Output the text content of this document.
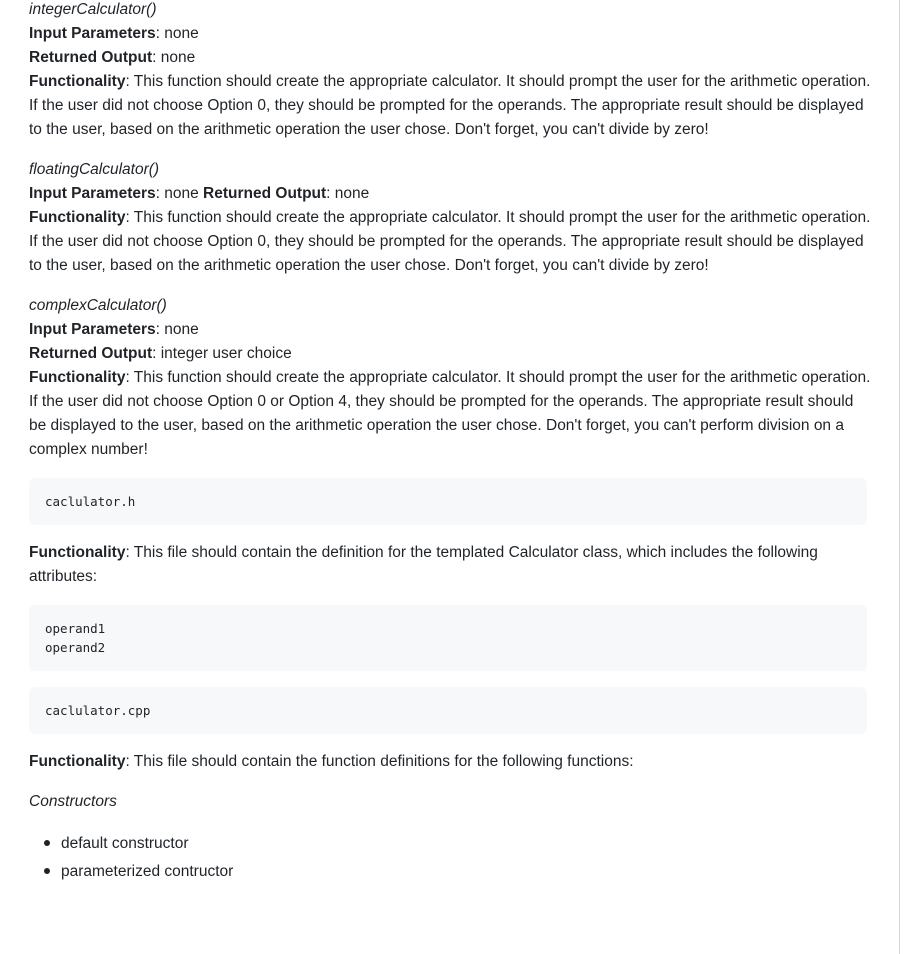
integerCalculator()
Input Parameters: none
Returned Output: none

Functionality: This function should create the appropriate calculator. It should prompt the user for the arithmetic operation. If the user did not choose Option 0, they should be prompted for the operands. The appropriate result should be displayed to the user, based on the arithmetic operation the user chose. Don't forget, you can't divide by zero!

floatingCalculator()
Input Parameters: none Returned Output: none

Functionality: This function should create the appropriate calculator. It should prompt the user for the arithmetic operation. If the user did not choose Option 0, they should be prompted for the operands. The appropriate result should be displayed to the user, based on the arithmetic operation the user chose. Don't forget, you can't divide by zero!

complexCalculator()
Input Parameters: none
Returned Output: integer user choice

Functionality: This function should create the appropriate calculator. It should prompt the user for the arithmetic operation. If the user did not choose Option 0 or Option 4, they should be prompted for the operands. The appropriate result should be displayed to the user, based on the arithmetic operation the user chose. Don't forget, you can't perform division on a complex number!

caclulator.h

Functionality: This file should contain the definition for the templated Calculator class, which includes the following attributes:

operand1
operand2
caclulator.cpp

Functionality: This file should contain the function definitions for the following functions:

Constructors
default constructor
parameterized contructor
